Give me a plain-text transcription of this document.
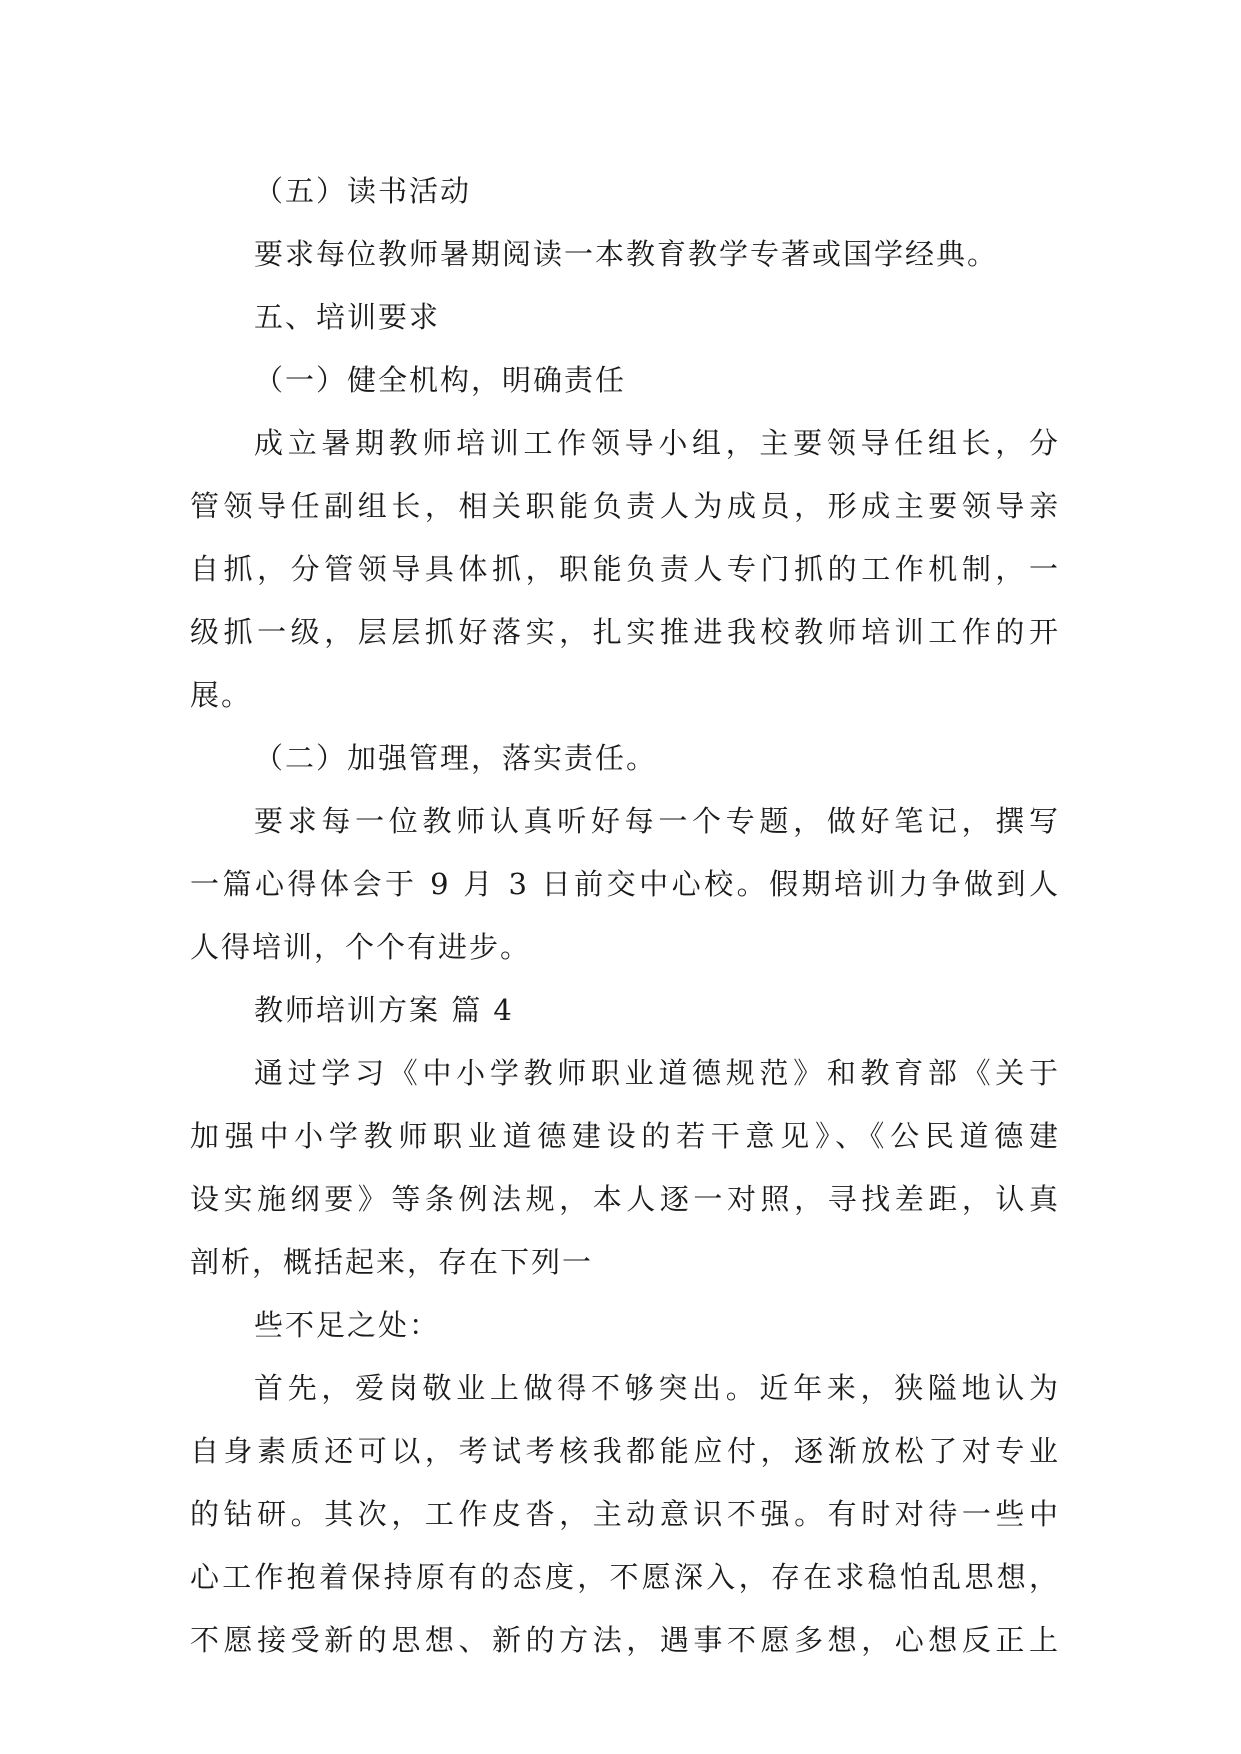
（五）读书活动
要求每位教师暑期阅读一本教育教学专著或国学经典。
五、培训要求
（一）健全机构，明确责任
成立暑期教师培训工作领导小组，主要领导任组长，分
管领导任副组长，相关职能负责人为成员，形成主要领导亲
自抓，分管领导具体抓，职能负责人专门抓的工作机制，一
级抓一级，层层抓好落实，扎实推进我校教师培训工作的开
展。
（二）加强管理，落实责任。
要求每一位教师认真听好每一个专题，做好笔记，撰写
一篇心得体会于 9 月 3 日前交中心校。假期培训力争做到人
人得培训，个个有进步。
教师培训方案 篇 4
通过学习《中小学教师职业道德规范》和教育部《关于
加强中小学教师职业道德建设的若干意见》、《公民道德建
设实施纲要》等条例法规，本人逐一对照，寻找差距，认真
剖析，概括起来，存在下列一
些不足之处：
首先，爱岗敬业上做得不够突出。近年来，狭隘地认为
自身素质还可以，考试考核我都能应付，逐渐放松了对专业
的钻研。其次，工作皮沓，主动意识不强。有时对待一些中
心工作抱着保持原有的态度，不愿深入，存在求稳怕乱思想，
不愿接受新的思想、新的方法，遇事不愿多想，心想反正上
